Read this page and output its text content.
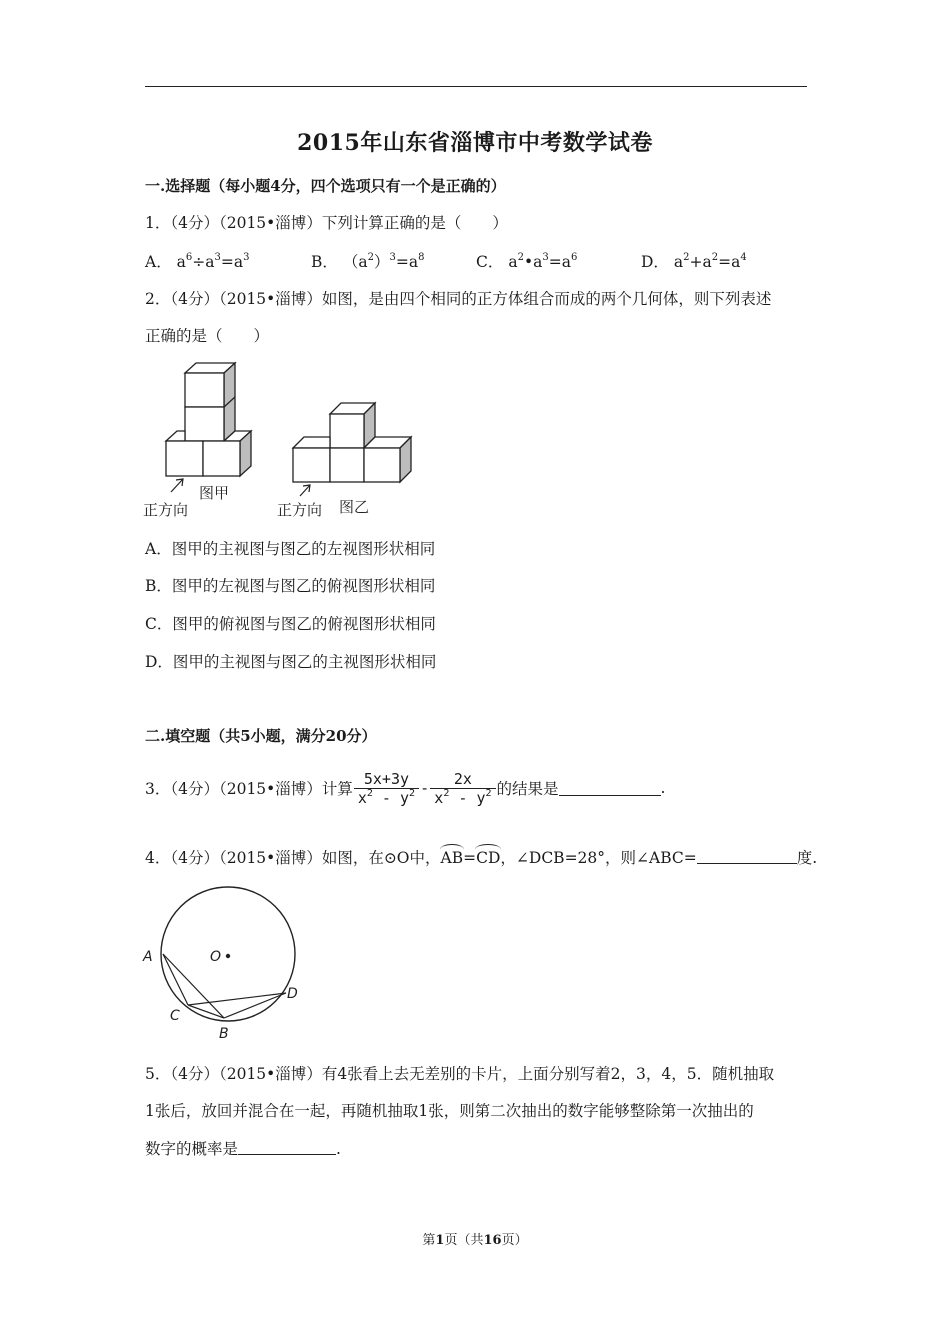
2015年山东省淄博市中考数学试卷
一.选择题（每小题4分，四个选项只有一个是正确的）
1．（4分）（2015•淄博）下列计算正确的是（　　）
A． $a^6\div a^3=a^3$	B． $(a^2)^3=a^8$	C． $a^2•a^3=a^6$	D． $a^2+a^2=a^4$
2．（4分）（2015•淄博）如图，是由四个相同的正方体组合而成的两个几何体，则下列表述
正确的是（　　）
正方向
图甲
正方向 图乙
A．图甲的主视图与图乙的左视图形状相同
B．图甲的左视图与图乙的俯视图形状相同
C．图甲的俯视图与图乙的俯视图形状相同
D．图甲的主视图与图乙的主视图形状相同
二.填空题（共5小题，满分20分）
3．（4分）（2015•淄博）计算 $\frac{5x+3y}{x^2 - y^2} - \frac{2x}{x^2 - y^2}$ 的结果是	.
4．（4分）（2015•淄博）如图，在⊙O中，AB=CD，∠DCB=28°，则∠ABC=	度.
O
A
C
B
D
5．（4分）（2015•淄博）有4张看上去无差别的卡片，上面分别写着2，3，4，5．随机抽取
1张后，放回并混合在一起，再随机抽取1张，则第二次抽出的数字能够整除第一次抽出的
数字的概率是	.
第1页（共16页）
